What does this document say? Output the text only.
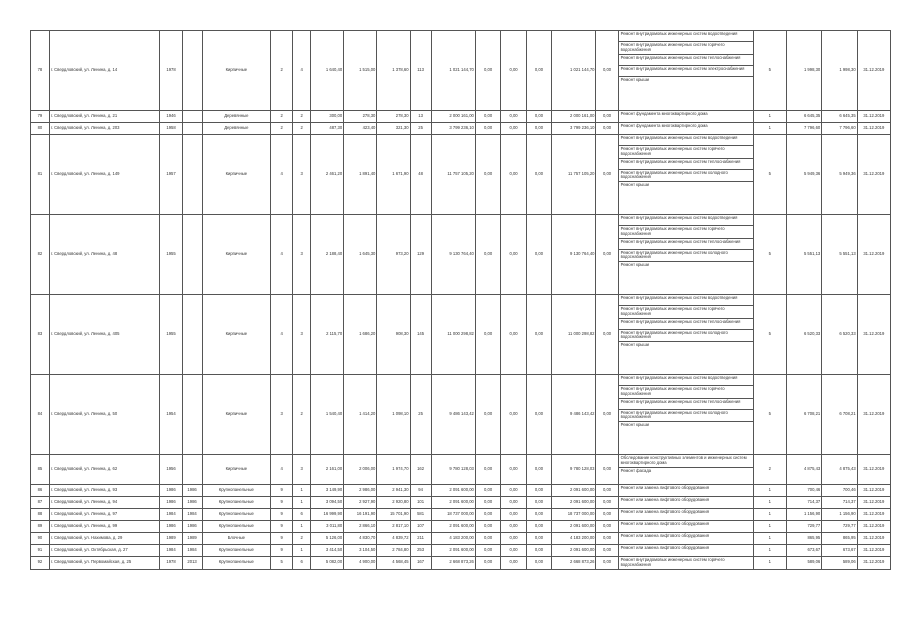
78	г. Свердловский, ул. Ленина, д. 14	1978		Кирпичные	2	4	1 640,40	1 515,00	1 378,60	113	1 021 144,70	0,00	0,00	0,00	1 021 144,70	0,00	Ремонт внутридомовых инженерных систем водоотведения
Ремонт внутридомовых инженерных систем горячего водоснабжения
Ремонт внутридомовых инженерных систем теплоснабжения
Ремонт внутридомовых инженерных систем электроснабжения
Ремонт крыши	5	1 998,30	1 998,30	31.12.2019
79	г. Свердловский, ул. Ленина, д. 21	1946		Деревянные	2	2	300,00	278,30	278,30	13	2 000 161,00	0,00	0,00	0,00	2 000 161,00	0,00	Ремонт фундамента многоквартирного дома	1	6 645,35	6 645,35	31.12.2019
80	г. Свердловский, ул. Ленина, д. 203	1958		Деревянные	2	2	487,30	423,40	321,30	25	3 799 236,10	0,00	0,00	0,00	3 799 236,10	0,00	Ремонт фундамента многоквартирного дома	1	7 796,60	7 796,60	31.12.2019
81	г. Свердловский, ул. Ленина, д. 149	1957		Кирпичные	4	3	2 461,20	1 891,40	1 671,90	48	11 757 105,20	0,00	0,00	0,00	11 757 105,20	0,00	Ремонт внутридомовых инженерных систем водоотведения
Ремонт внутридомовых инженерных систем горячего водоснабжения
Ремонт внутридомовых инженерных систем теплоснабжения
Ремонт внутридомовых инженерных систем холодного водоснабжения
Ремонт крыши	5	5 949,36	5 949,36	31.12.2019
82	г. Свердловский, ул. Ленина, д. 48	1955		Кирпичные	4	3	2 188,40	1 645,30	973,20	129	9 130 764,40	0,00	0,00	0,00	9 130 764,40	0,00	Ремонт внутридомовых инженерных систем водоотведения
Ремонт внутридомовых инженерных систем горячего водоснабжения
Ремонт внутридомовых инженерных систем теплоснабжения
Ремонт внутридомовых инженерных систем холодного водоснабжения
Ремонт крыши	5	5 551,13	5 551,13	31.12.2019
83	г. Свердловский, ул. Ленина, д. 405	1955		Кирпичные	4	3	2 115,70	1 686,20	908,30	145	11 000 298,82	0,00	0,00	0,00	11 000 298,82	0,00	Ремонт внутридомовых инженерных систем водоотведения
Ремонт внутридомовых инженерных систем горячего водоснабжения
Ремонт внутридомовых инженерных систем теплоснабжения
Ремонт внутридомовых инженерных систем холодного водоснабжения
Ремонт крыши	5	6 520,33	6 520,33	31.12.2019
84	г. Свердловский, ул. Ленина, д. 50	1954		Кирпичные	3	2	1 540,40	1 414,20	1 098,10	25	9 486 143,42	0,00	0,00	0,00	9 486 143,42	0,00	Ремонт внутридомовых инженерных систем водоотведения
Ремонт внутридомовых инженерных систем горячего водоснабжения
Ремонт внутридомовых инженерных систем теплоснабжения
Ремонт внутридомовых инженерных систем холодного водоснабжения
Ремонт крыши	5	6 708,21	6 708,21	31.12.2019
85	г. Свердловский, ул. Ленина, д. 62	1956		Кирпичные	4	3	2 161,00	2 006,00	1 974,70	162	9 780 128,03	0,00	0,00	0,00	9 780 128,03	0,00	Обследование конструктивных элементов и инженерных систем многоквартирного дома
Ремонт фасада	2	4 875,43	4 875,43	31.12.2019
86	г. Свердловский, ул. Ленина, д. 93	1986	1986	Крупнопанельные	9	1	3 149,90	2 986,00	2 941,30	94	2 091 600,00	0,00	0,00	0,00	2 091 600,00	0,00	Ремонт или замена лифтового оборудования	1	700,46	700,46	31.12.2019
87	г. Свердловский, ул. Ленина, д. 94	1986	1986	Крупнопанельные	9	1	3 094,50	2 927,90	2 920,80	101	2 091 600,00	0,00	0,00	0,00	2 091 600,00	0,00	Ремонт или замена лифтового оборудования	1	714,37	714,37	31.12.2019
88	г. Свердловский, ул. Ленина, д. 97	1984	1984	Крупнопанельные	9	6	16 999,90	16 191,90	15 701,90	581	18 737 000,00	0,00	0,00	0,00	18 737 000,00	0,00	Ремонт или замена лифтового оборудования	1	1 156,90	1 156,90	31.12.2019
89	г. Свердловский, ул. Ленина, д. 99	1986	1986	Крупнопанельные	9	1	3 011,80	2 866,10	2 817,10	107	2 091 600,00	0,00	0,00	0,00	2 091 600,00	0,00	Ремонт или замена лифтового оборудования	1	729,77	729,77	31.12.2019
90	г. Свердловский, ул. Нахимова, д. 29	1989	1989	Блочные	9	2	5 126,00	4 830,70	4 839,72	211	4 183 200,00	0,00	0,00	0,00	4 183 200,00	0,00	Ремонт или замена лифтового оборудования	1	865,95	865,95	31.12.2019
91	г. Свердловский, ул. Октябрьская, д. 27	1984	1984	Крупнопанельные	9	1	3 414,50	3 104,50	2 784,80	253	2 091 600,00	0,00	0,00	0,00	2 091 600,00	0,00	Ремонт или замена лифтового оборудования	1	673,67	673,67	31.12.2019
92	г. Свердловский, ул. Первомайская, д. 25	1978	2013	Крупнопанельные	5	6	5 082,00	4 900,00	4 568,45	167	2 668 873,26	0,00	0,00	0,00	2 668 873,26	0,00	Ремонт внутридомовых инженерных систем горячего водоснабжения	1	589,06	589,06	31.12.2019
